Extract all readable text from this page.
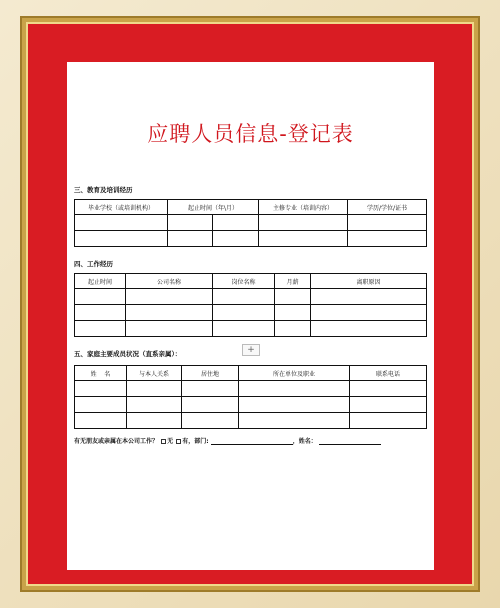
应聘人员信息-登记表
三、教育及培训经历
毕业学校（或培训机构）	起止时间（年\月）		主修专业（培训内容）	学历/学位/证书

四、工作经历
起止时间	公司名称	岗位名称	月薪	离职原因

五、家庭主要成员状况（直系亲属）：	+
姓    名	与本人关系	居住地	所在单位及职业	联系电话

有无朋友或亲属在本公司工作？ 无 有，部门:	，姓名：
